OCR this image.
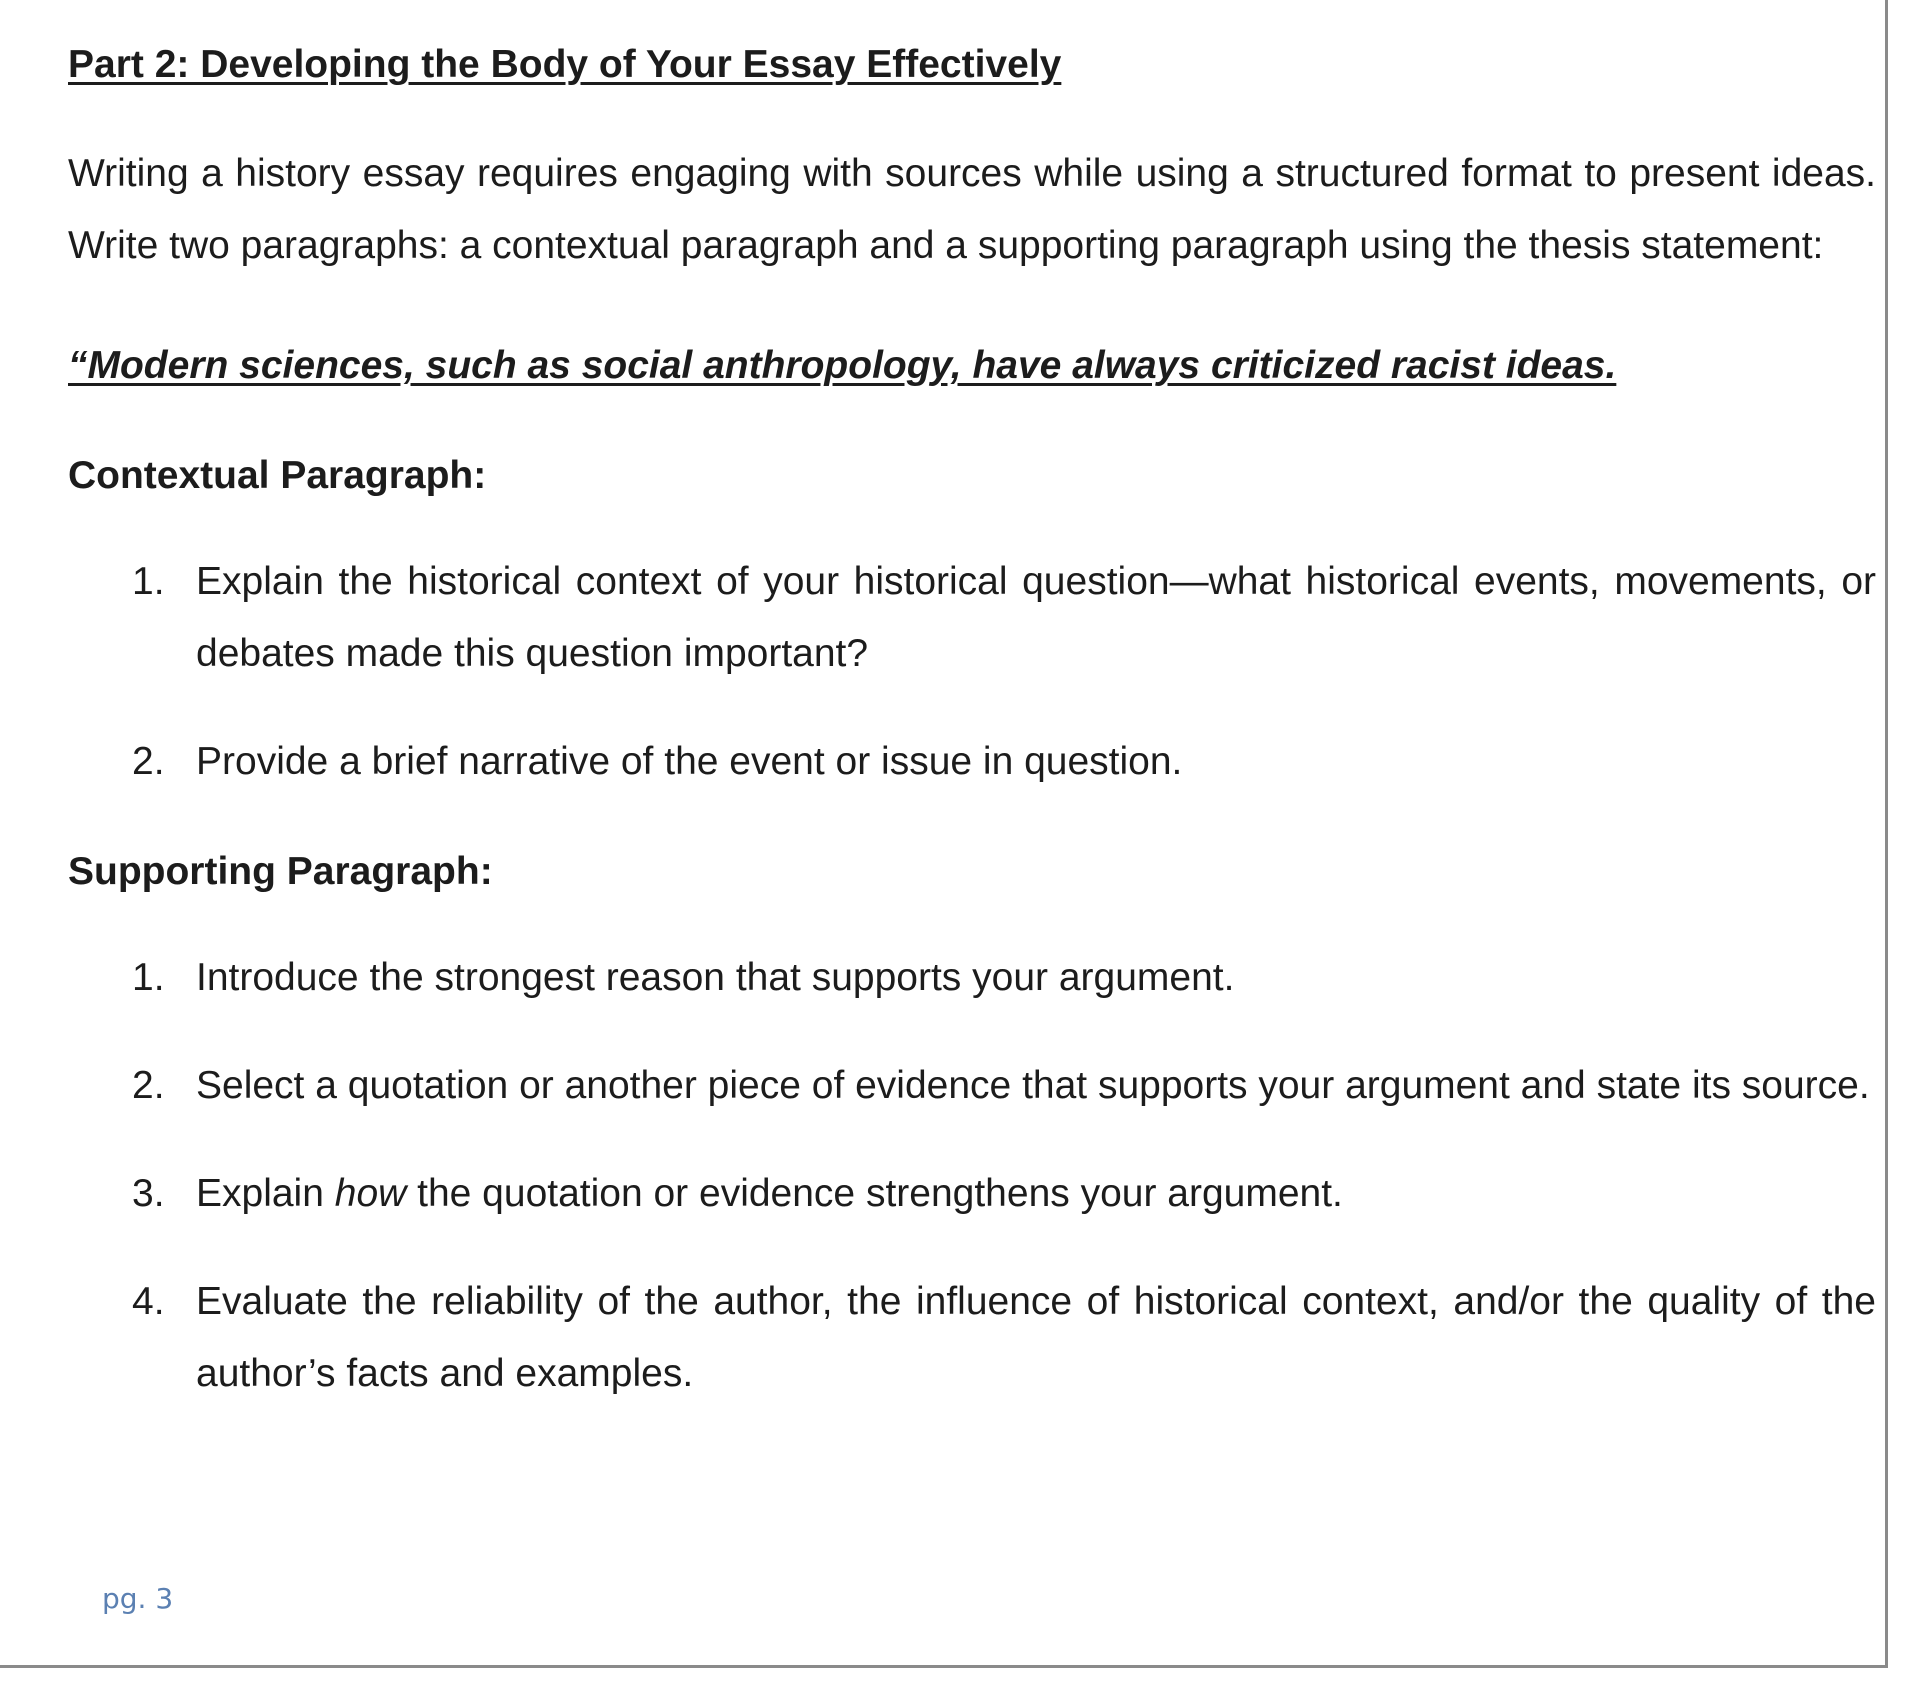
Part 2: Developing the Body of Your Essay Effectively

Writing a history essay requires engaging with sources while using a structured format to present ideas. Write two paragraphs: a contextual paragraph and a supporting paragraph using the thesis statement:

“Modern sciences, such as social anthropology, have always criticized racist ideas.

Contextual Paragraph:
1. Explain the historical context of your historical question—what historical events, movements, or debates made this question important?
2. Provide a brief narrative of the event or issue in question.
Supporting Paragraph:
1. Introduce the strongest reason that supports your argument.
2. Select a quotation or another piece of evidence that supports your argument and state its source.
3. Explain how the quotation or evidence strengthens your argument.
4. Evaluate the reliability of the author, the influence of historical context, and/or the quality of the author’s facts and examples.
pg. 3
